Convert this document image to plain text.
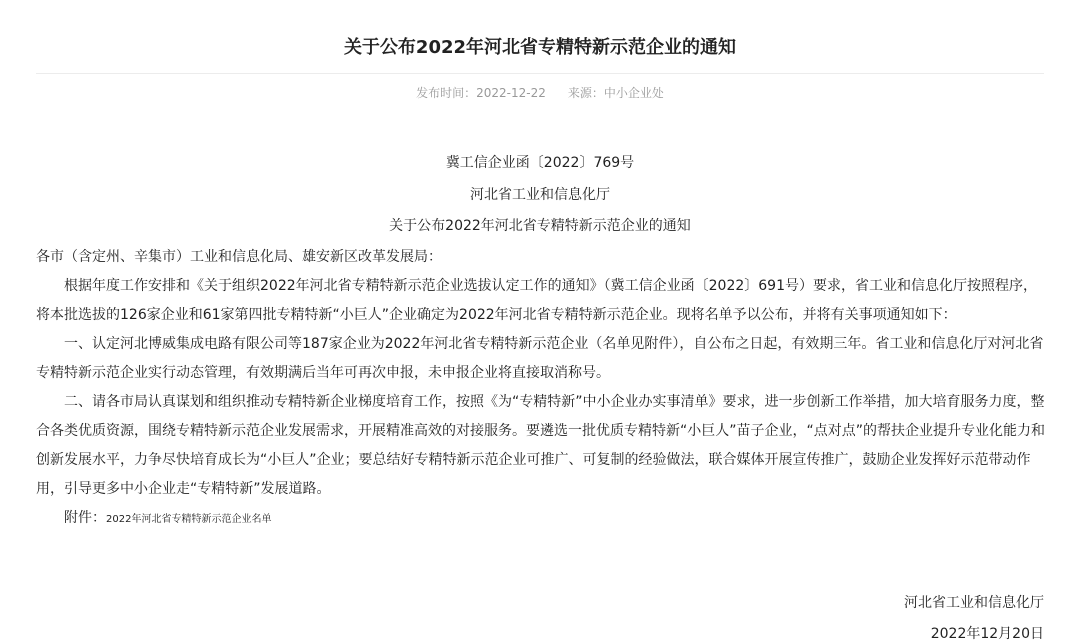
关于公布2022年河北省专精特新示范企业的通知
发布时间：2022-12-22 来源：中小企业处
冀工信企业函〔2022〕769号
河北省工业和信息化厅
关于公布2022年河北省专精特新示范企业的通知
各市（含定州、辛集市）工业和信息化局、雄安新区改革发展局：

根据年度工作安排和《关于组织2022年河北省专精特新示范企业选拔认定工作的通知》（冀工信企业函〔2022〕691号）要求，省工业和信息化厅按照程序，将本批选拔的126家企业和61家第四批专精特新“小巨人”企业确定为2022年河北省专精特新示范企业。现将名单予以公布，并将有关事项通知如下：

一、认定河北博威集成电路有限公司等187家企业为2022年河北省专精特新示范企业（名单见附件），自公布之日起，有效期三年。省工业和信息化厅对河北省专精特新示范企业实行动态管理，有效期满后当年可再次申报，未申报企业将直接取消称号。

二、请各市局认真谋划和组织推动专精特新企业梯度培育工作，按照《为“专精特新”中小企业办实事清单》要求，进一步创新工作举措，加大培育服务力度，整合各类优质资源，围绕专精特新示范企业发展需求，开展精准高效的对接服务。要遴选一批优质专精特新“小巨人”苗子企业，“点对点”的帮扶企业提升专业化能力和创新发展水平，力争尽快培育成长为“小巨人”企业；要总结好专精特新示范企业可推广、可复制的经验做法，联合媒体开展宣传推广，鼓励企业发挥好示范带动作用，引导更多中小企业走“专精特新”发展道路。

附件：2022年河北省专精特新示范企业名单

河北省工业和信息化厅
2022年12月20日
